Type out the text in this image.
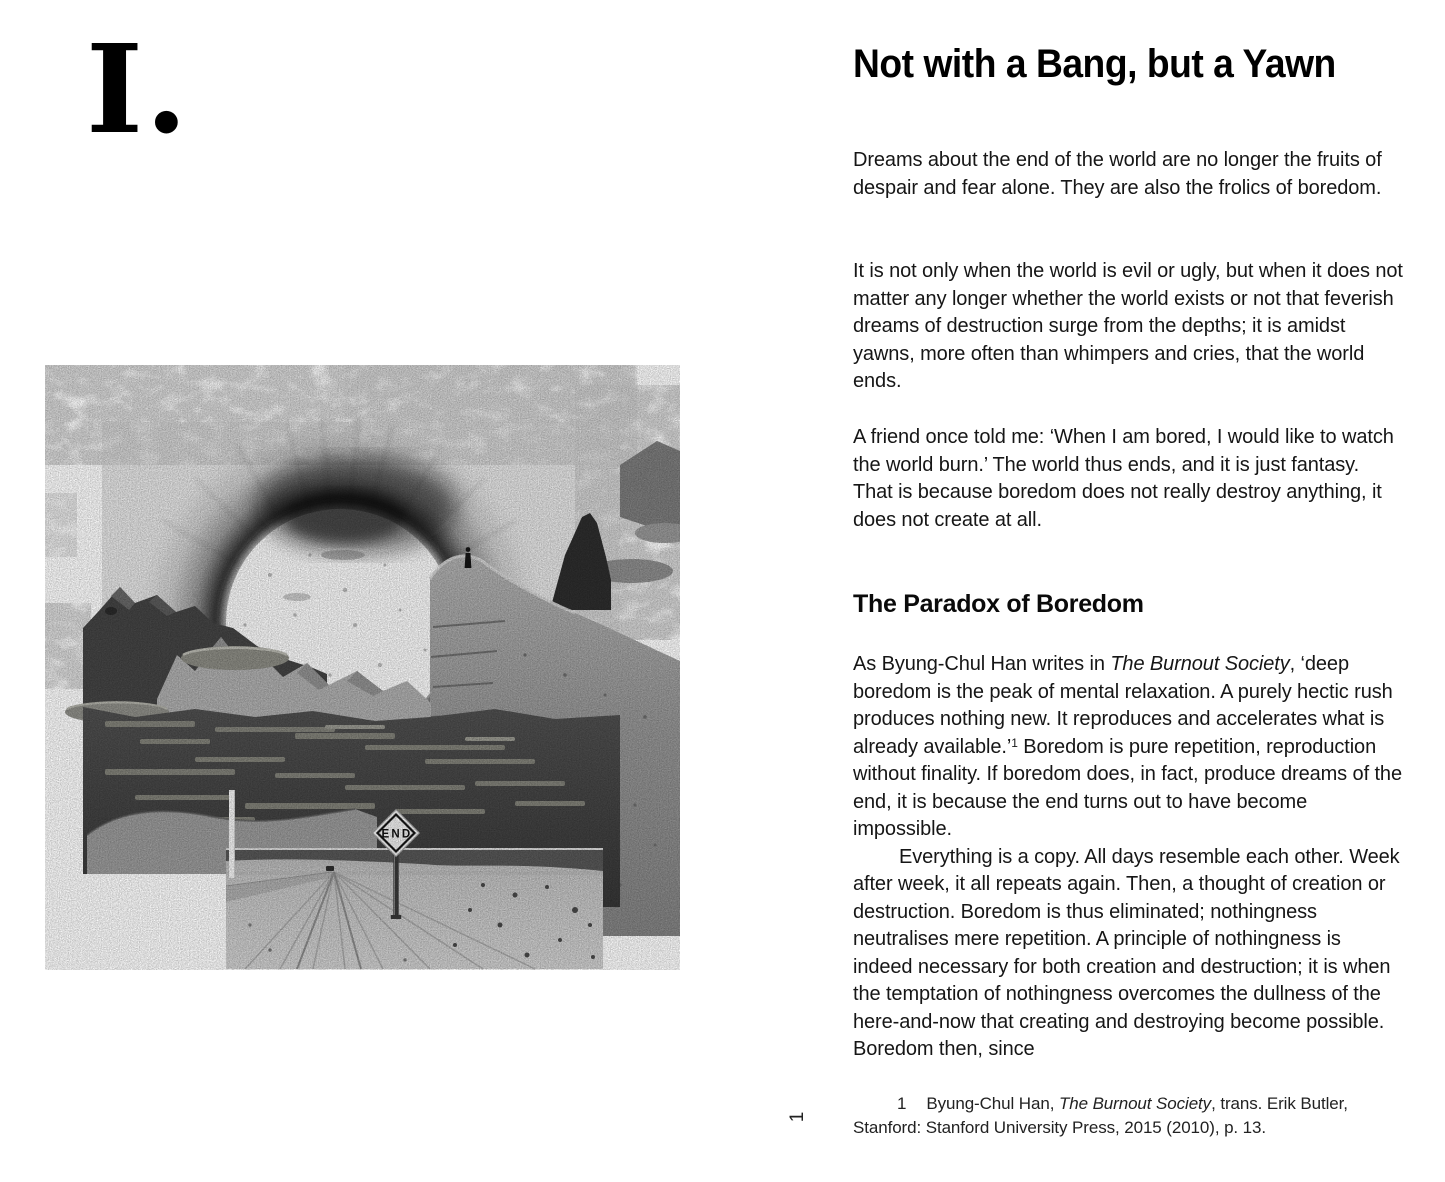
I.
END
Not with a Bang, but a Yawn

Dreams about the end of the world are no longer the fruits of despair and fear alone. They are also the frolics of boredom.

It is not only when the world is evil or ugly, but when it does not matter any longer whether the world exists or not that feverish dreams of destruction surge from the depths; it is amidst yawns, more often than whimpers and cries, that the world ends.

A friend once told me: ‘When I am bored, I would like to watch the world burn.’ The world thus ends, and it is just fantasy. That is because boredom does not really destroy anything, it does not create at all.

The Paradox of Boredom

As Byung-Chul Han writes in The Burnout Society, ‘deep boredom is the peak of mental relaxation. A purely hectic rush produces nothing new. It reproduces and accelerates what is already available.’$^1$ Boredom is pure repetition, reproduction without finality. If boredom does, in fact, produce dreams of the end, it is because the end turns out to have become impossible.

Everything is a copy. All days resemble each other. Week after week, it all repeats again. Then, a thought of creation or destruction. Boredom is thus eliminated; nothingness neutralises mere repetition. A principle of nothingness is indeed necessary for both creation and destruction; it is when the temptation of nothingness overcomes the dullness of the here-and-now that creating and destroying become possible. Boredom then, since

1 Byung-Chul Han, The Burnout Society, trans. Erik Butler, Stanford: Stanford University Press, 2015 (2010), p. 13.
1
